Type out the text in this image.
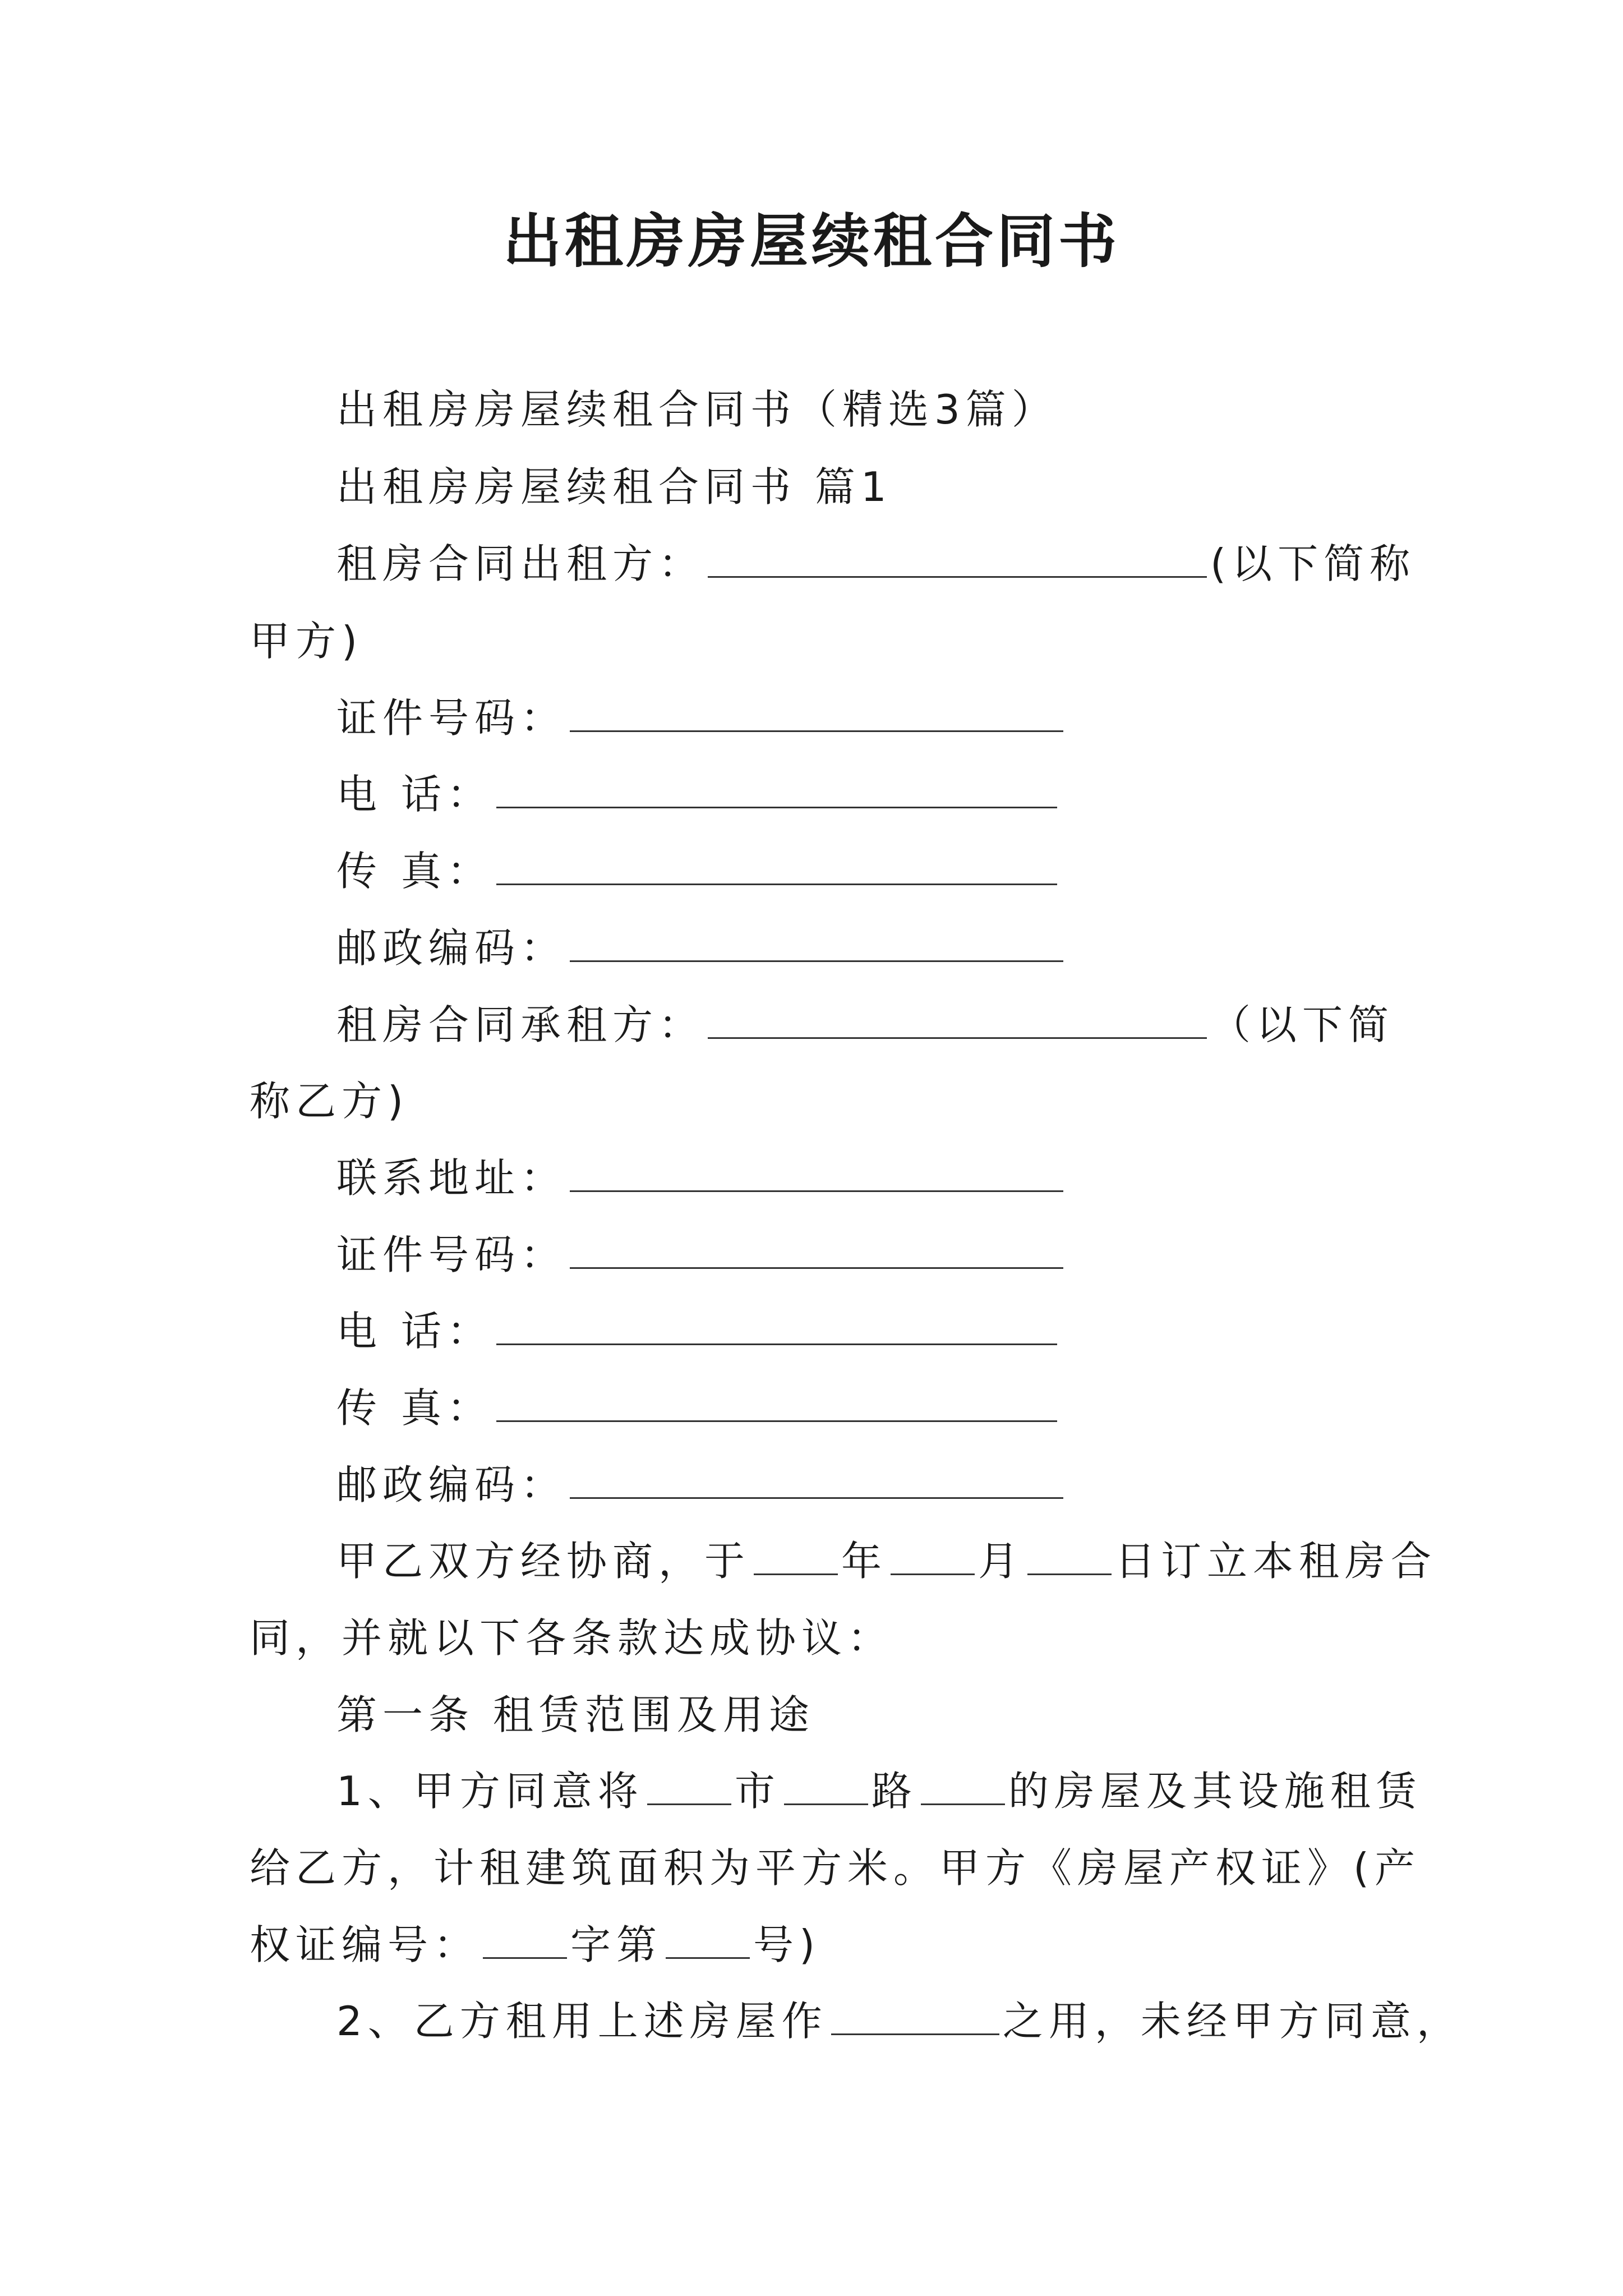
出租房房屋续租合同书
出租房房屋续租合同书（精选3篇）
出租房房屋续租合同书 篇1
租房合同出租方：	(以下简称
甲方)
证件号码：
电 话：
传 真：
邮政编码：
租房合同承租方：	（以下简
称乙方)
联系地址：
证件号码：
电 话：
传 真：
邮政编码：
甲乙双方经协商，于 年 月 日订立本租房合
同，并就以下各条款达成协议：
第一条 租赁范围及用途
1、甲方同意将 市 路 的房屋及其设施租赁
给乙方，计租建筑面积为平方米。甲方《房屋产权证》(产
权证编号： 字第 号)
2、乙方租用上述房屋作	之用，未经甲方同意，
